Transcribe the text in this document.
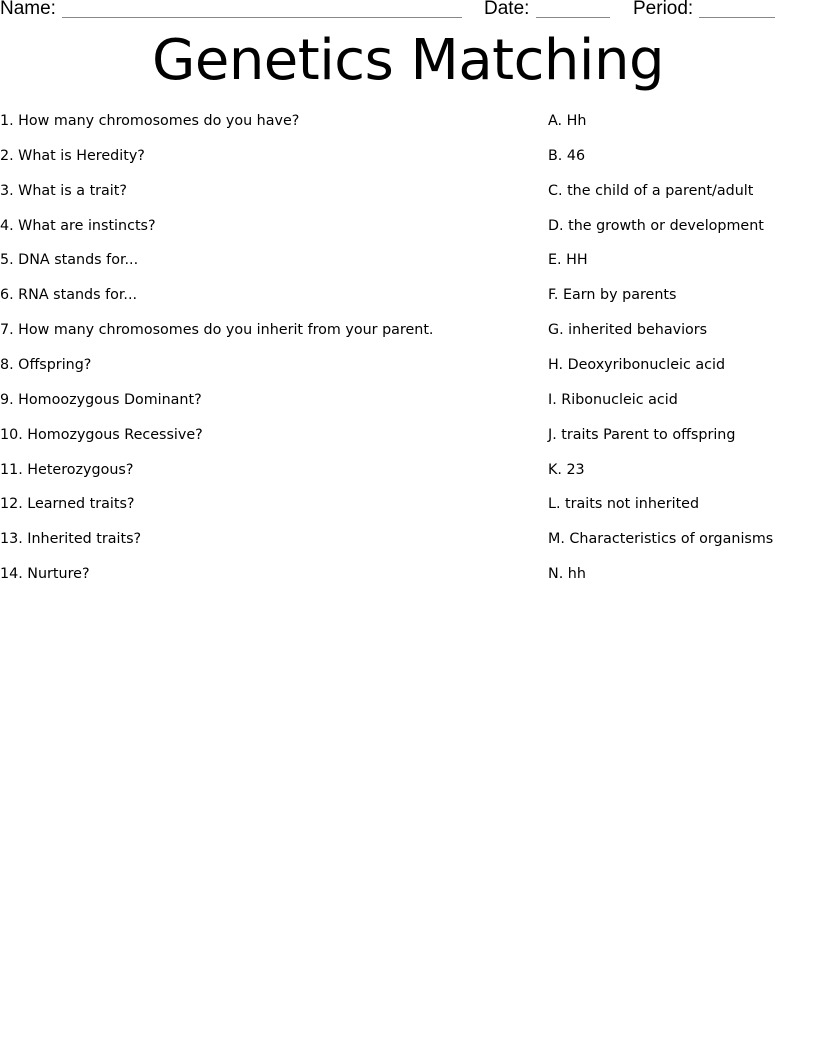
Name:	Date:	Period:
Genetics Matching
1. How many chromosomes do you have?
2. What is Heredity?
3. What is a trait?
4. What are instincts?
5. DNA stands for...
6. RNA stands for...
7. How many chromosomes do you inherit from your parent.
8. Offspring?
9. Homoozygous Dominant?
10. Homozygous Recessive?
11. Heterozygous?
12. Learned traits?
13. Inherited traits?
14. Nurture?
A. Hh
B. 46
C. the child of a parent/adult
D. the growth or development
E. HH
F. Earn by parents
G. inherited behaviors
H. Deoxyribonucleic acid
I. Ribonucleic acid
J. traits Parent to offspring
K. 23
L. traits not inherited
M. Characteristics of organisms
N. hh
